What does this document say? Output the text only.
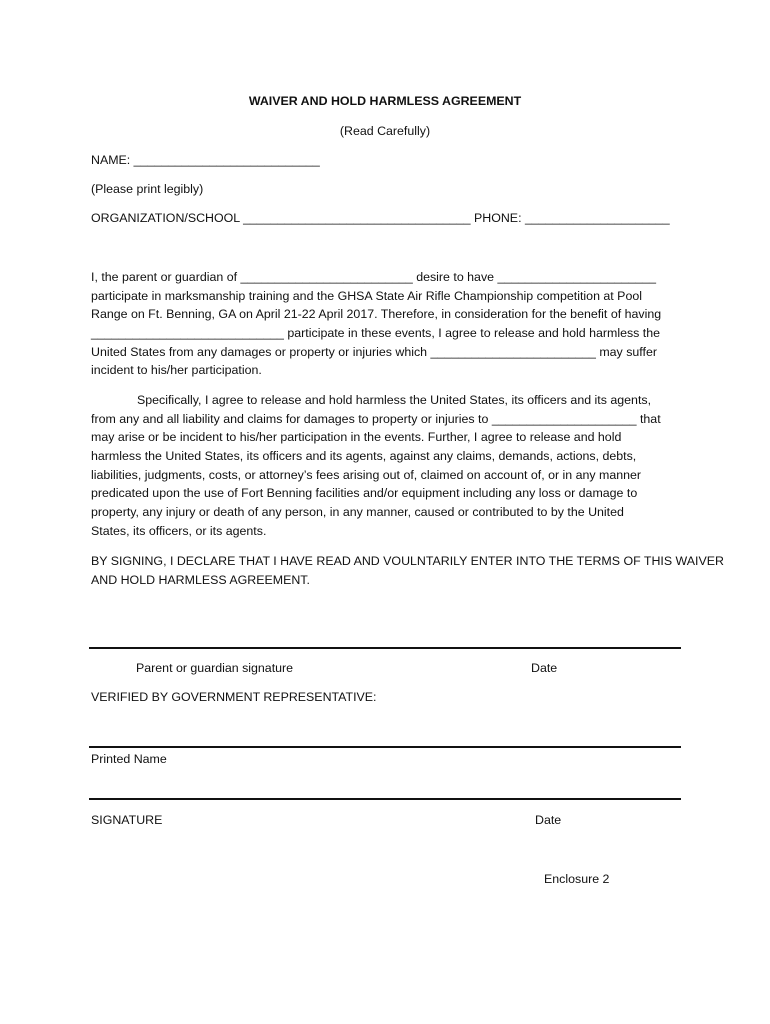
WAIVER AND HOLD HARMLESS AGREEMENT
(Read Carefully)
NAME: ___________________________
(Please print legibly)
ORGANIZATION/SCHOOL _________________________________ PHONE: _____________________
I, the parent or guardian of _________________________ desire to have _______________________
participate in marksmanship training and the GHSA State Air Rifle Championship competition at Pool
Range on Ft. Benning, GA on April 21-22 April 2017. Therefore, in consideration for the benefit of having
____________________________ participate in these events, I agree to release and hold harmless the
United States from any damages or property or injuries which ________________________ may suffer
incident to his/her participation.
Specifically, I agree to release and hold harmless the United States, its officers and its agents,
from any and all liability and claims for damages to property or injuries to _____________________ that
may arise or be incident to his/her participation in the events. Further, I agree to release and hold
harmless the United States, its officers and its agents, against any claims, demands, actions, debts,
liabilities, judgments, costs, or attorney’s fees arising out of, claimed on account of, or in any manner
predicated upon the use of Fort Benning facilities and/or equipment including any loss or damage to
property, any injury or death of any person, in any manner, caused or contributed to by the United
States, its officers, or its agents.
BY SIGNING, I DECLARE THAT I HAVE READ AND VOULNTARILY ENTER INTO THE TERMS OF THIS WAIVER
AND HOLD HARMLESS AGREEMENT.
Parent or guardian signature	Date
VERIFIED BY GOVERNMENT REPRESENTATIVE:
Printed Name
SIGNATURE	Date
Enclosure 2
